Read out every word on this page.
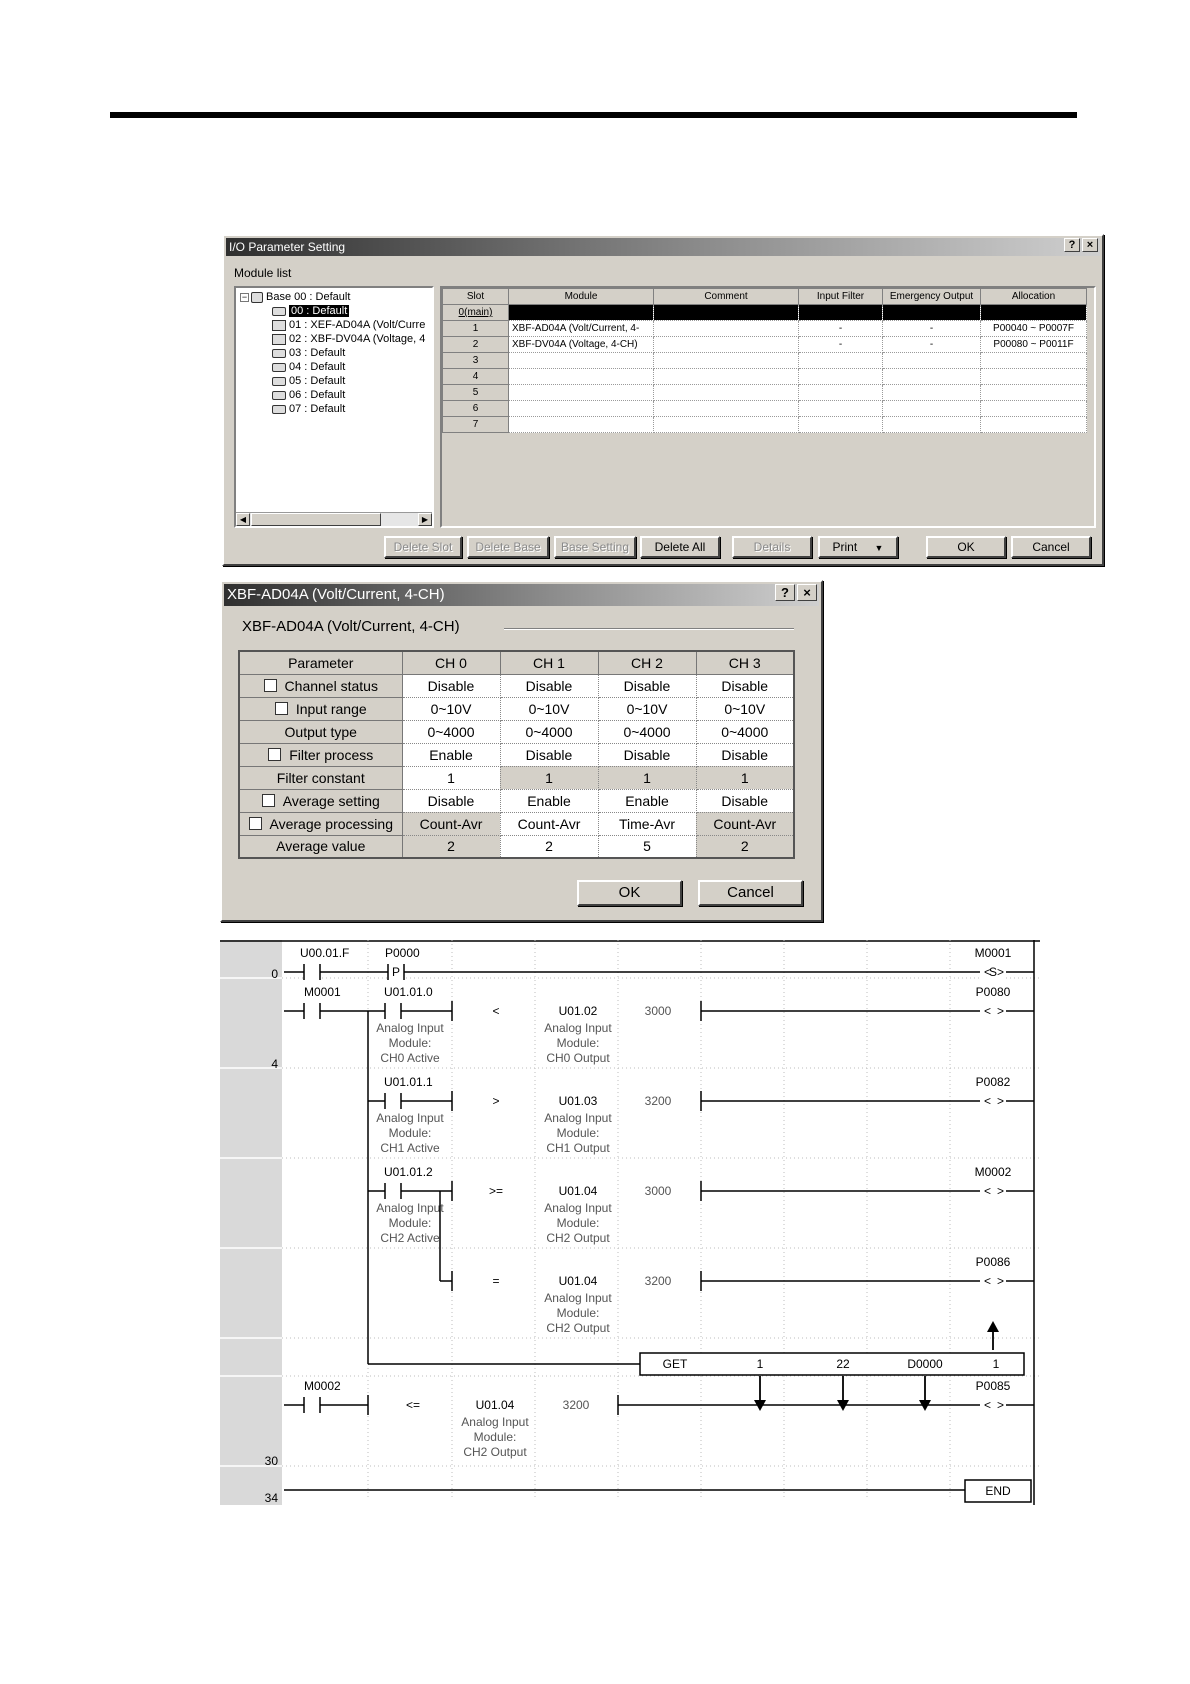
I/O Parameter Setting	?	×
Module list
− Base 00 : Default
00 : Default
01 : XEF-AD04A (Volt/Curre
02 : XBF-DV04A (Voltage, 4
03 : Default
04 : Default
05 : Default
06 : Default
07 : Default
◀	▶
Slot	Module	Comment	Input Filter	Emergency Output	Allocation
0(main)					
1	XBF-AD04A (Volt/Current, 4-		-	-	P00040 ~ P0007F
2	XBF-DV04A (Voltage, 4-CH)		-	-	P00080 ~ P0011F
3					
4					
5					
6					
7					
Delete Slot	Delete Base	Base Setting	Delete All	Details	Print ▼	OK	Cancel
XBF-AD04A (Volt/Current, 4-CH)	?	×
XBF-AD04A (Volt/Current, 4-CH)
Parameter	CH 0	CH 1	CH 2	CH 3
Channel status	Disable	Disable	Disable	Disable
Input range	0~10V	0~10V	0~10V	0~10V
Output type	0~4000	0~4000	0~4000	0~4000
Filter process	Enable	Disable	Disable	Disable
Filter constant	1	1	1	1
Average setting	Disable	Enable	Enable	Disable
Average processing	Count-Avr	Count-Avr	Time-Avr	Count-Avr
Average value	2	2	5	2
OK	Cancel
0
4
30
34
U00.01.F
P
P0000	M0001
< >
S
M0001	U01.01.0
Analog Input
Module:
CH0 Active
<	U01.02
Analog Input
Module:
CH0 Output
3000
P0080
< >
U01.01.1
Analog Input
Module:
CH1 Active
>	U01.03
Analog Input
Module:
CH1 Output
3200
P0082
< >
U01.01.2
Analog Input
Module:
CH2 Active
>=	U01.04
Analog Input
Module:
CH2 Output
3000
M0002
< >
=	U01.04
Analog Input
Module:
CH2 Output
3200
P0086
< >
GET	1	22	D0000	1
M0002
<=	U01.04
Analog Input
Module:
CH2 Output
3200
P0085
< >
END
